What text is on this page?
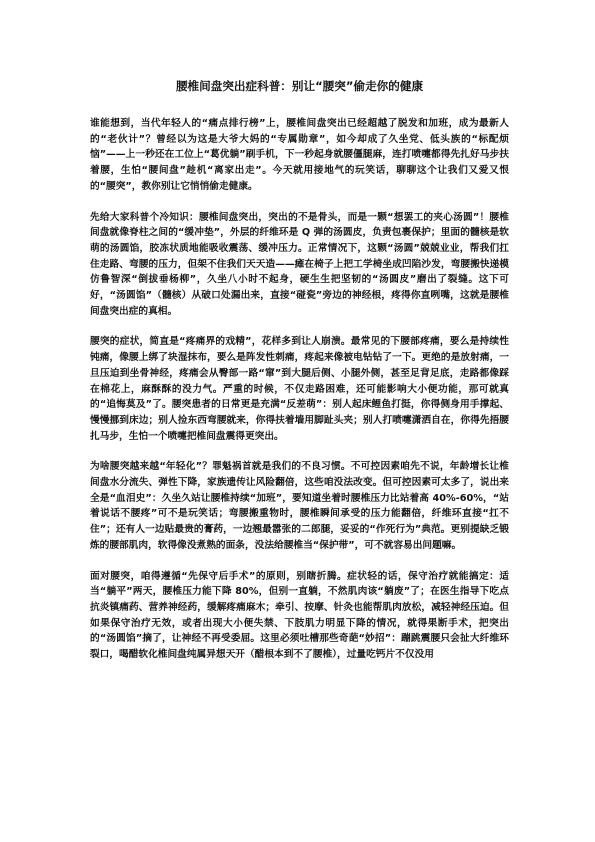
腰椎间盘突出症科普：别让“腰突”偷走你的健康

谁能想到，当代年轻人的“痛点排行榜”上，腰椎间盘突出已经超越了脱发和加班，成为最新人的“老伙计”？曾经以为这是大爷大妈的“专属勋章”，如今却成了久坐党、低头族的“标配烦恼”——上一秒还在工位上“葛优躺”刷手机，下一秒起身就腰僵腿麻，连打喷嚏都得先扎好马步扶着腰，生怕“腰间盘”趁机“离家出走”。今天就用接地气的玩笑话，聊聊这个让我们又爱又恨的“腰突”，教你别让它悄悄偷走健康。

先给大家科普个冷知识：腰椎间盘突出，突出的不是骨头，而是一颗“想罢工的夹心汤圆”！腰椎间盘就像脊柱之间的“缓冲垫”，外层的纤维环是 Q 弹的汤圆皮，负责包裹保护；里面的髓核是软萌的汤圆馅，胶冻状质地能吸收震荡、缓冲压力。正常情况下，这颗“汤圆”兢兢业业，帮我们扛住走路、弯腰的压力，但架不住我们天天造——瘫在椅子上把工学椅坐成凹陷沙发，弯腰搬快递模仿鲁智深“倒拔垂杨柳”，久坐八小时不起身，硬生生把坚韧的“汤圆皮”磨出了裂缝。这下可好，“汤圆馅”（髓核）从破口处漏出来，直接“碰瓷”旁边的神经根，疼得你直咧嘴，这就是腰椎间盘突出症的真相。

腰突的症状，简直是“疼痛界的戏精”，花样多到让人崩溃。最常见的下腰部疼痛，要么是持续性钝痛，像腰上绑了块湿抹布，要么是阵发性刺痛，疼起来像被电钻钻了一下。更绝的是放射痛，一旦压迫到坐骨神经，疼痛会从臀部一路“窜”到大腿后侧、小腿外侧，甚至足背足底，走路都像踩在棉花上，麻酥酥的没力气。严重的时候，不仅走路困难，还可能影响大小便功能，那可就真的“追悔莫及”了。腰突患者的日常更是充满“反差萌”：别人起床鲤鱼打挺，你得侧身用手撑起、慢慢挪到床边；别人捡东西弯腰就来，你得扶着墙用脚趾头夹；别人打喷嚏潇洒自在，你得先捂腰扎马步，生怕一个喷嚏把椎间盘震得更突出。

为啥腰突越来越“年轻化”？罪魁祸首就是我们的不良习惯。不可控因素咱先不说，年龄增长让椎间盘水分流失、弹性下降，家族遗传让风险翻倍，这些咱没法改变。但可控因素可太多了，说出来全是“血泪史”：久坐久站让腰椎持续“加班”，要知道坐着时腰椎压力比站着高 40%-60%，“站着说话不腰疼”可不是玩笑话；弯腰搬重物时，腰椎瞬间承受的压力能翻倍，纤维环直接“扛不住”；还有人一边贴最贵的膏药，一边翘最嚣张的二郎腿，妥妥的“作死行为”典范。更别提缺乏锻炼的腰部肌肉，软得像没煮熟的面条，没法给腰椎当“保护带”，可不就容易出问题嘛。

面对腰突，咱得遵循“先保守后手术”的原则，别瞎折腾。症状轻的话，保守治疗就能搞定：适当“躺平”两天，腰椎压力能下降 80%，但别一直躺，不然肌肉该“躺废”了；在医生指导下吃点抗炎镇痛药、营养神经药，缓解疼痛麻木；牵引、按摩、针灸也能帮肌肉放松，减轻神经压迫。但如果保守治疗无效，或者出现大小便失禁、下肢肌力明显下降的情况，就得果断手术，把突出的“汤圆馅”摘了，让神经不再受委屈。这里必须吐槽那些奇葩“妙招”：蹦跳震腰只会扯大纤维环裂口，喝醋软化椎间盘纯属异想天开（醋根本到不了腰椎），过量吃钙片不仅没用
